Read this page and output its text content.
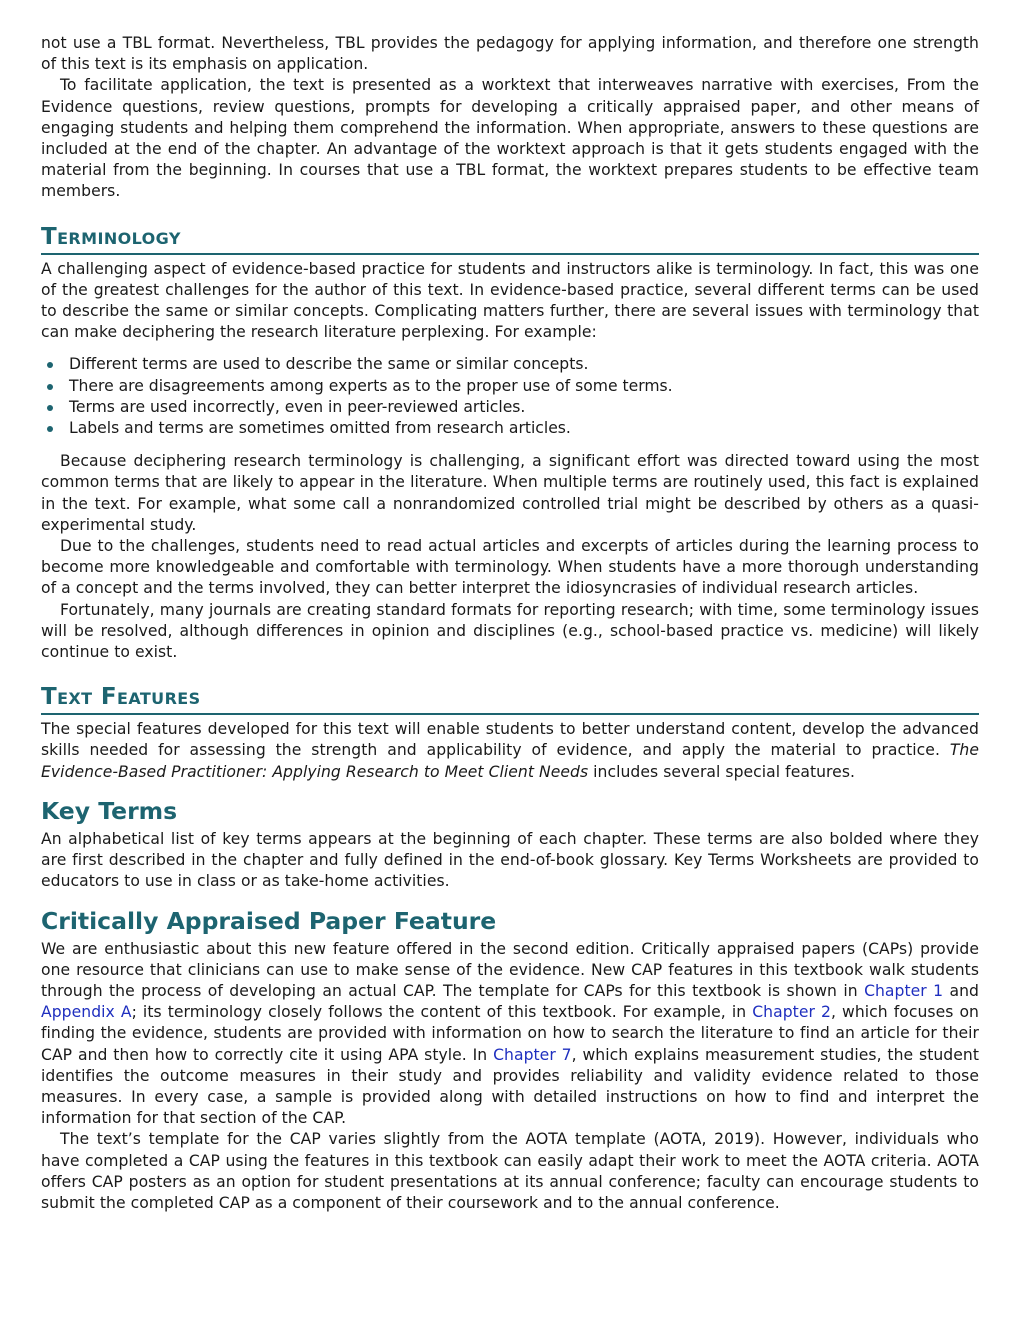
not use a TBL format. Nevertheless, TBL provides the pedagogy for applying information, and therefore one strength of this text is its emphasis on application.

To facilitate application, the text is presented as a worktext that interweaves narrative with exercises, From the Evidence questions, review questions, prompts for developing a critically appraised paper, and other means of engaging students and helping them comprehend the information. When appropriate, answers to these questions are included at the end of the chapter. An advantage of the worktext approach is that it gets students engaged with the material from the beginning. In courses that use a TBL format, the worktext prepares students to be effective team members.

Terminology

A challenging aspect of evidence-based practice for students and instructors alike is terminology. In fact, this was one of the greatest challenges for the author of this text. In evidence-based practice, several different terms can be used to describe the same or similar concepts. Complicating matters further, there are several issues with terminology that can make deciphering the research literature perplexing. For example:

Different terms are used to describe the same or similar concepts.
There are disagreements among experts as to the proper use of some terms.
Terms are used incorrectly, even in peer-reviewed articles.
Labels and terms are sometimes omitted from research articles.

Because deciphering research terminology is challenging, a significant effort was directed toward using the most common terms that are likely to appear in the literature. When multiple terms are routinely used, this fact is explained in the text. For example, what some call a nonrandomized controlled trial might be described by others as a quasi-experimental study.

Due to the challenges, students need to read actual articles and excerpts of articles during the learning process to become more knowledgeable and comfortable with terminology. When students have a more thorough understanding of a concept and the terms involved, they can better interpret the idiosyncrasies of individual research articles.

Fortunately, many journals are creating standard formats for reporting research; with time, some terminology issues will be resolved, although differences in opinion and disciplines (e.g., school-based practice vs. medicine) will likely continue to exist.

Text Features

The special features developed for this text will enable students to better understand content, develop the advanced skills needed for assessing the strength and applicability of evidence, and apply the material to practice. The Evidence-Based Practitioner: Applying Research to Meet Client Needs includes several special features.

Key Terms

An alphabetical list of key terms appears at the beginning of each chapter. These terms are also bolded where they are first described in the chapter and fully defined in the end-of-book glossary. Key Terms Worksheets are provided to educators to use in class or as take-home activities.

Critically Appraised Paper Feature

We are enthusiastic about this new feature offered in the second edition. Critically appraised papers (CAPs) provide one resource that clinicians can use to make sense of the evidence. New CAP features in this textbook walk students through the process of developing an actual CAP. The template for CAPs for this textbook is shown in Chapter 1 and Appendix A; its terminology closely follows the content of this textbook. For example, in Chapter 2, which focuses on finding the evidence, students are provided with information on how to search the literature to find an article for their CAP and then how to correctly cite it using APA style. In Chapter 7, which explains measurement studies, the student identifies the outcome measures in their study and provides reliability and validity evidence related to those measures. In every case, a sample is provided along with detailed instructions on how to find and interpret the information for that section of the CAP.

The text’s template for the CAP varies slightly from the AOTA template (AOTA, 2019). However, individuals who have completed a CAP using the features in this textbook can easily adapt their work to meet the AOTA criteria. AOTA offers CAP posters as an option for student presentations at its annual conference; faculty can encourage students to submit the completed CAP as a component of their coursework and to the annual conference.
